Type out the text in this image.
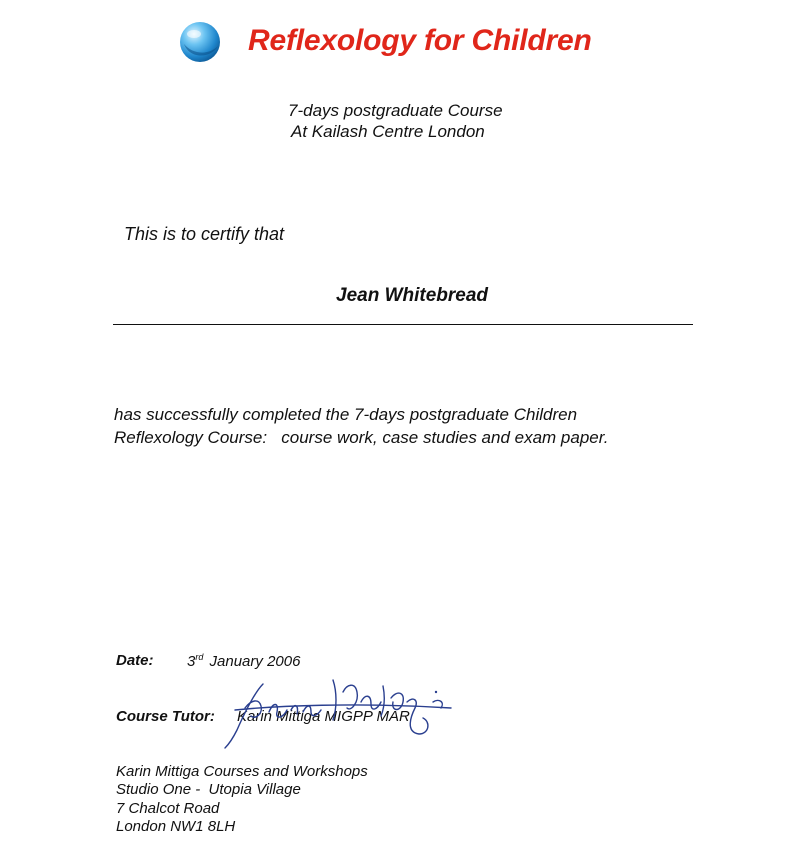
Reflexology for Children
7-days postgraduate Course
At Kailash Centre London
This is to certify that
Jean Whitebread
has successfully completed the 7-days postgraduate Children
Reflexology Course:   course work, case studies and exam paper.
Date: 3rd January 2006
Course Tutor: Karin Mittiga MIGPP MAR
Karin Mittiga Courses and Workshops
Studio One -  Utopia Village
7 Chalcot Road
London NW1 8LH
